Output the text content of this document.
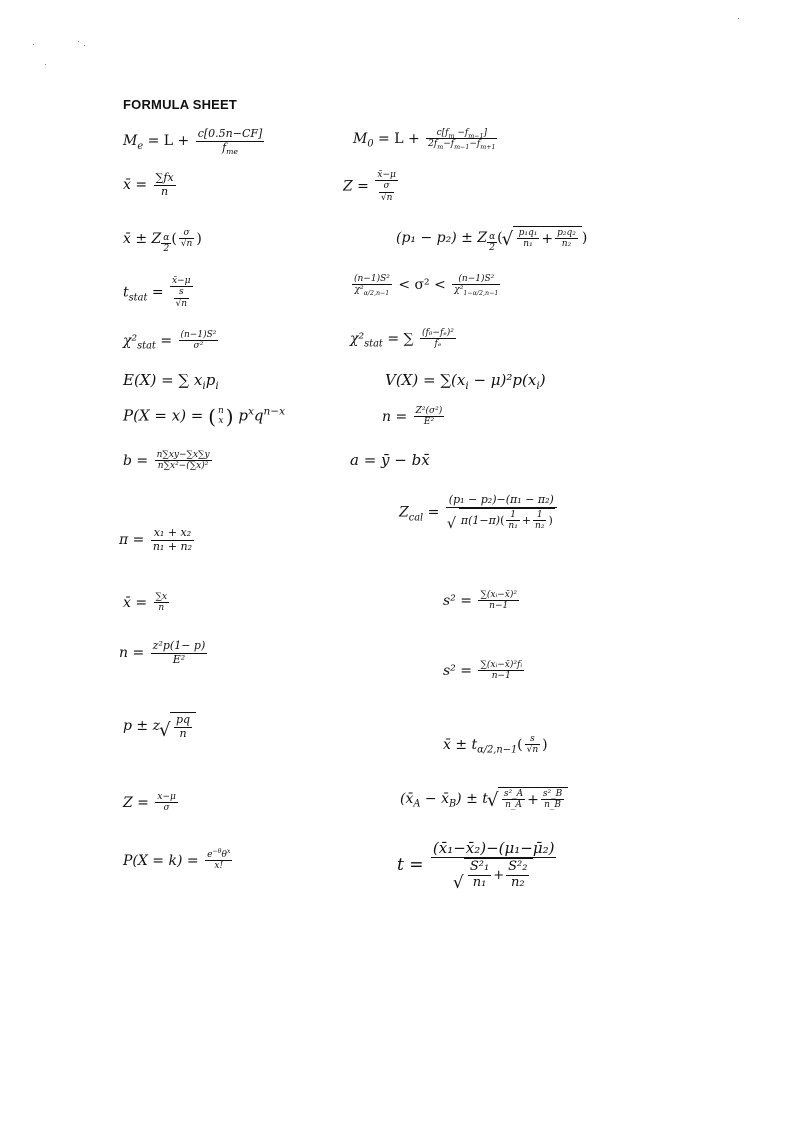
FORMULA SHEET
$M_e = L + \frac{c[0.5n-CF]}{f_{me}}$	$M_0 = L + \frac{c[f_m -f_{m-1}]}{2f_m-f_{m-1}-f_{m+1}}$
x̄ = $\frac{\sum fx}{n}$	$Z = \frac{x̄-\mu}{\frac{\sigma}{√n}}$
x̄ ± Z $\frac{\alpha}{2}$ ( $\frac{\sigma}{√n}$ )	(p₁ − p₂) ± Z $\frac{\alpha}{2}$ ( √ $\frac{\text{p₁q₁}}{\text{n₁}} + \frac{\text{p₂q₂}}{\text{n₂}}$ )
$t_{stat} = \frac{x̄-\mu}{\frac{s}{√n}}$	$\frac{\text{(n−1)S²}}{\chi^2_{\alpha/2,n-1}} < \sigma^2 < \frac{\text{(n−1)S²}}{\chi^2_{1-\alpha/2,n-1}}$
$\chi^2_{stat} = \frac{\text{(n−1)S²}}{\text{σ²}}$	$\chi^2_{stat}$ = ∑ $\frac{\text{(f₀−fₑ)²}}{\text{fₑ}}$
E(X) = ∑ $x_ip_i$	$V(X) = \sum(x_i - \mu)^2p(x_i)$
P(X = x) = ( n
x ) $p^xq^{n-x}$	$n = \frac{\text{Z²(σ²)}}{\text{E²}}$
$b = \frac{n\sum xy-\sum x\sum y}{\text{n∑x²−(∑x)²}}$	a = ȳ − bx̄
$\pi = \frac{\text{x₁ + x₂}}{\text{n₁ + n₂}}$
$Z_{cal} = (p_1 - p_2)-(\pi_1 - \pi_2)$
√ $\pi(1-\pi)( \frac{1}{\text{n₁}} + \frac{1}{\text{n₂}}$ )
x̄ = $\frac{\sum x}{n}$	$s^2 = \frac{\text{∑(xᵢ−x̄)²}}{n-1}$
$n = \frac{\text{z²p(1− p)}}{\text{E²}}$
$s^2 = \frac{\text{∑(xᵢ−x̄)²fᵢ}}{n-1}$
p ± z √ $\frac{pq}{n}$
x̄ ± $t_{\alpha/2,n-1}( \frac{s}{√n}$ )
$Z = \frac{x-\mu}{\sigma}$	($x̄_A$ − $x̄_B) \pm t$ √ $\frac{\text{s²\_A}}{n\_A} + \frac{\text{s²\_B}}{n\_B}$
$P(X = k) = \frac{e^{-\theta}\theta^x}{x!}$	t = (x̄₁−x̄₂)−(μ₁−μ̄₂)
√ $\frac{\text{S²₁}}{\text{n₁}} + \frac{\text{S²₂}}{\text{n₂}}$
